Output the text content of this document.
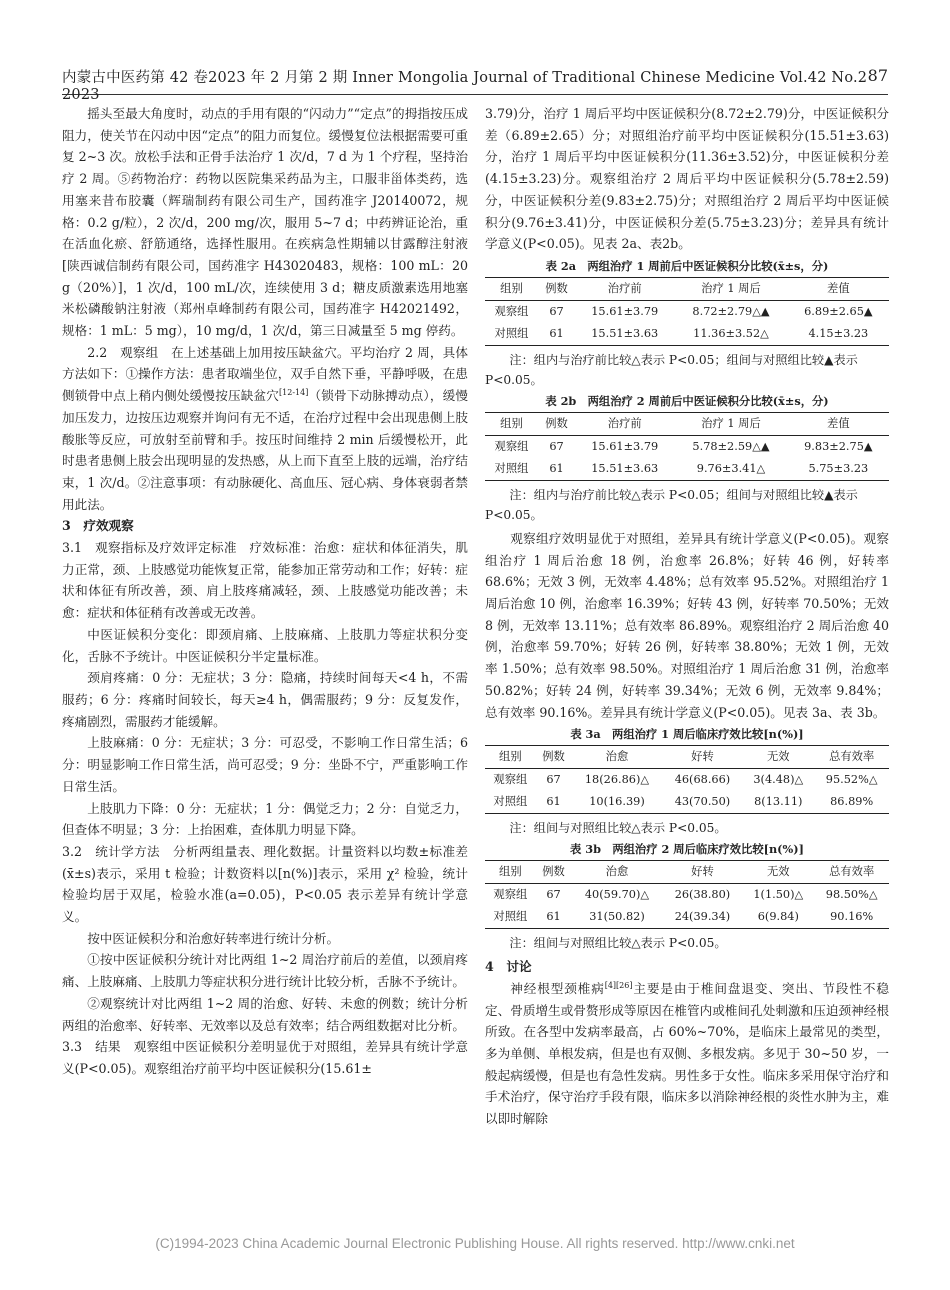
内蒙古中医药第 42 卷2023 年 2 月第 2 期 Inner Mongolia Journal of Traditional Chinese Medicine Vol.42 No.2 2023
87

摇头至最大角度时，动点的手用有限的“闪动力”“定点”的拇指按压成阻力，使关节在闪动中因“定点”的阻力而复位。缓慢复位法根据需要可重复 2~3 次。放松手法和正骨手法治疗 1 次/d，7 d 为 1 个疗程，坚持治疗 2 周。⑤药物治疗：药物以医院集采药品为主，口服非甾体类药，选用塞来昔布胶囊（辉瑞制药有限公司生产，国药准字 J20140072，规格：0.2 g/粒），2 次/d，200 mg/次，服用 5~7 d；中药辨证论治，重在活血化瘀、舒筋通络，选择性服用。在疾病急性期辅以甘露醇注射液[陕西诚信制药有限公司，国药准字 H43020483，规格：100 mL：20 g（20%）]，1 次/d，100 mL/次，连续使用 3 d；糖皮质激素选用地塞米松磷酸钠注射液（郑州卓峰制药有限公司，国药准字 H42021492，规格：1 mL：5 mg），10 mg/d，1 次/d，第三日减量至 5 mg 停药。

2.2　观察组　在上述基础上加用按压缺盆穴。平均治疗 2 周，具体方法如下：①操作方法：患者取端坐位，双手自然下垂，平静呼吸，在患侧锁骨中点上稍内侧处缓慢按压缺盆穴[12-14]（锁骨下动脉搏动点），缓慢加压发力，边按压边观察并询问有无不适，在治疗过程中会出现患侧上肢酸胀等反应，可放射至前臂和手。按压时间维持 2 min 后缓慢松开，此时患者患侧上肢会出现明显的发热感，从上而下直至上肢的远端，治疗结束，1 次/d。②注意事项：有动脉硬化、高血压、冠心病、身体衰弱者禁用此法。

3　疗效观察

3.1　观察指标及疗效评定标准　疗效标准：治愈：症状和体征消失，肌力正常，颈、上肢感觉功能恢复正常，能参加正常劳动和工作；好转：症状和体征有所改善，颈、肩上肢疼痛减轻，颈、上肢感觉功能改善；未愈：症状和体征稍有改善或无改善。

中医证候积分变化：即颈肩痛、上肢麻痛、上肢肌力等症状积分变化，舌脉不予统计。中医证候积分半定量标准。

颈肩疼痛：0 分：无症状；3 分：隐痛，持续时间每天<4 h，不需服药；6 分：疼痛时间较长，每天≥4 h，偶需服药；9 分：反复发作，疼痛剧烈，需服药才能缓解。

上肢麻痛：0 分：无症状；3 分：可忍受，不影响工作日常生活；6 分：明显影响工作日常生活，尚可忍受；9 分：坐卧不宁，严重影响工作日常生活。

上肢肌力下降：0 分：无症状；1 分：偶觉乏力；2 分：自觉乏力，但查体不明显；3 分：上抬困难，查体肌力明显下降。

3.2　统计学方法　分析两组量表、理化数据。计量资料以均数±标准差(x̄±s)表示，采用 t 检验；计数资料以[n(%)]表示，采用 χ² 检验，统计检验均居于双尾，检验水准(a=0.05)，P<0.05 表示差异有统计学意义。

按中医证候积分和治愈好转率进行统计分析。

①按中医证候积分统计对比两组 1~2 周治疗前后的差值，以颈肩疼痛、上肢麻痛、上肢肌力等症状积分进行统计比较分析，舌脉不予统计。

②观察统计对比两组 1~2 周的治愈、好转、未愈的例数；统计分析两组的治愈率、好转率、无效率以及总有效率；结合两组数据对比分析。

3.3　结果　观察组中医证候积分差明显优于对照组，差异具有统计学意义(P<0.05)。观察组治疗前平均中医证候积分(15.61±

3.79)分，治疗 1 周后平均中医证候积分(8.72±2.79)分，中医证候积分差（6.89±2.65）分；对照组治疗前平均中医证候积分(15.51±3.63)分，治疗 1 周后平均中医证候积分(11.36±3.52)分，中医证候积分差(4.15±3.23)分。观察组治疗 2 周后平均中医证候积分(5.78±2.59)分，中医证候积分差(9.83±2.75)分；对照组治疗 2 周后平均中医证候积分(9.76±3.41)分，中医证候积分差(5.75±3.23)分；差异具有统计学意义(P<0.05)。见表 2a、表2b。

表 2a　两组治疗 1 周前后中医证候积分比较(x̄±s，分)
组别	例数	治疗前	治疗 1 周后	差值
观察组	67	15.61±3.79	8.72±2.79△▲	6.89±2.65▲
对照组	61	15.51±3.63	11.36±3.52△	4.15±3.23

注：组内与治疗前比较△表示 P<0.05；组间与对照组比较▲表示 P<0.05。

表 2b　两组治疗 2 周前后中医证候积分比较(x̄±s，分)
组别	例数	治疗前	治疗 1 周后	差值
观察组	67	15.61±3.79	5.78±2.59△▲	9.83±2.75▲
对照组	61	15.51±3.63	9.76±3.41△	5.75±3.23

注：组内与治疗前比较△表示 P<0.05；组间与对照组比较▲表示 P<0.05。

观察组疗效明显优于对照组，差异具有统计学意义(P<0.05)。观察组治疗 1 周后治愈 18 例，治愈率 26.8%；好转 46 例，好转率 68.6%；无效 3 例，无效率 4.48%；总有效率 95.52%。对照组治疗 1 周后治愈 10 例，治愈率 16.39%；好转 43 例，好转率 70.50%；无效 8 例，无效率 13.11%；总有效率 86.89%。观察组治疗 2 周后治愈 40 例，治愈率 59.70%；好转 26 例，好转率 38.80%；无效 1 例，无效率 1.50%；总有效率 98.50%。对照组治疗 1 周后治愈 31 例，治愈率 50.82%；好转 24 例，好转率 39.34%；无效 6 例，无效率 9.84%；总有效率 90.16%。差异具有统计学意义(P<0.05)。见表 3a、表 3b。

表 3a　两组治疗 1 周后临床疗效比较[n(%)]
组别	例数	治愈	好转	无效	总有效率
观察组	67	18(26.86)△	46(68.66)	3(4.48)△	95.52%△
对照组	61	10(16.39)	43(70.50)	8(13.11)	86.89%

注：组间与对照组比较△表示 P<0.05。

表 3b　两组治疗 2 周后临床疗效比较[n(%)]
组别	例数	治愈	好转	无效	总有效率
观察组	67	40(59.70)△	26(38.80)	1(1.50)△	98.50%△
对照组	61	31(50.82)	24(39.34)	6(9.84)	90.16%

注：组间与对照组比较△表示 P<0.05。

4　讨论

神经根型颈椎病[4][26]主要是由于椎间盘退变、突出、节段性不稳定、骨质增生或骨赘形成等原因在椎管内或椎间孔处刺激和压迫颈神经根所致。在各型中发病率最高，占 60%~70%，是临床上最常见的类型，多为单侧、单根发病，但是也有双侧、多根发病。多见于 30~50 岁，一般起病缓慢，但是也有急性发病。男性多于女性。临床多采用保守治疗和手术治疗，保守治疗手段有限，临床多以消除神经根的炎性水肿为主，难以即时解除

(C)1994-2023 China Academic Journal Electronic Publishing House. All rights reserved. http://www.cnki.net
